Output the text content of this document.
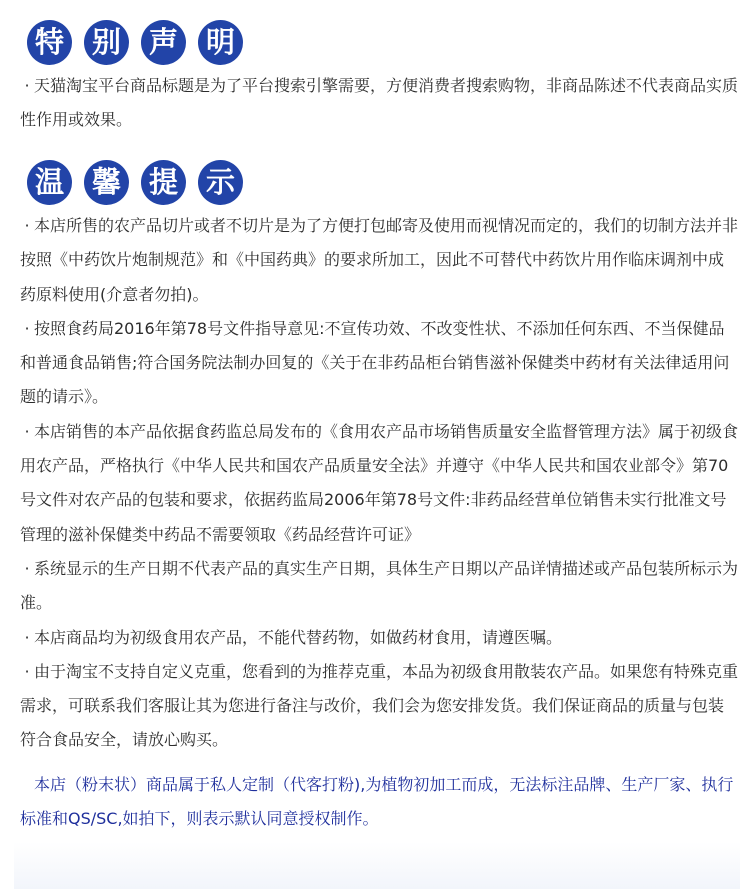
特 别 声 明

· 天猫淘宝平台商品标题是为了平台搜索引擎需要，方便消费者搜索购物，非商品陈述不代表商品实质性作用或效果。

温 馨 提 示

· 本店所售的农产品切片或者不切片是为了方便打包邮寄及使用而视情况而定的，我们的切制方法并非按照《中药饮片炮制规范》和《中国药典》的要求所加工，因此不可替代中药饮片用作临床调剂中成药原料使用(介意者勿拍)。

· 按照食药局2016年第78号文件指导意见:不宣传功效、不改变性状、不添加任何东西、不当保健品和普通食品销售;符合国务院法制办回复的《关于在非药品柜台销售滋补保健类中药材有关法律适用问题的请示》。

· 本店销售的本产品依据食药监总局发布的《食用农产品市场销售质量安全监督管理方法》属于初级食用农产品，严格执行《中华人民共和国农产品质量安全法》并遵守《中华人民共和国农业部令》第70号文件对农产品的包装和要求，依据药监局2006年第78号文件:非药品经营单位销售未实行批准文号管理的滋补保健类中药品不需要领取《药品经营许可证》

· 系统显示的生产日期不代表产品的真实生产日期，具体生产日期以产品详情描述或产品包装所标示为准。

· 本店商品均为初级食用农产品，不能代替药物，如做药材食用，请遵医嘱。

· 由于淘宝不支持自定义克重，您看到的为推荐克重，本品为初级食用散装农产品。如果您有特殊克重需求，可联系我们客服让其为您进行备注与改价，我们会为您安排发货。我们保证商品的质量与包装符合食品安全，请放心购买。

本店（粉末状）商品属于私人定制（代客打粉),为植物初加工而成，无法标注品牌、生产厂家、执行标准和QS/SC,如拍下，则表示默认同意授权制作。
